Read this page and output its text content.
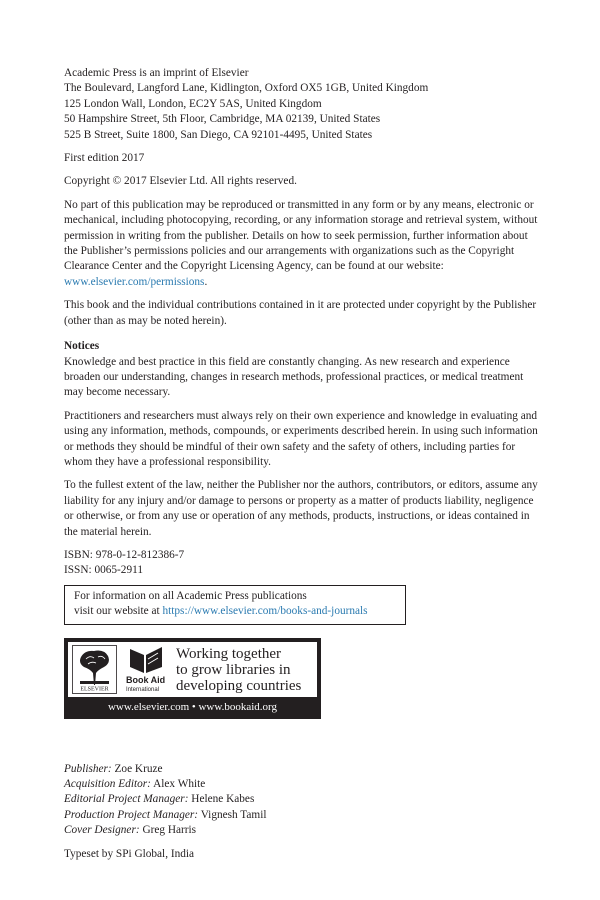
Academic Press is an imprint of Elsevier
The Boulevard, Langford Lane, Kidlington, Oxford OX5 1GB, United Kingdom
125 London Wall, London, EC2Y 5AS, United Kingdom
50 Hampshire Street, 5th Floor, Cambridge, MA 02139, United States
525 B Street, Suite 1800, San Diego, CA 92101-4495, United States

First edition 2017

Copyright © 2017 Elsevier Ltd. All rights reserved.

No part of this publication may be reproduced or transmitted in any form or by any means, electronic or mechanical, including photocopying, recording, or any information storage and retrieval system, without permission in writing from the publisher. Details on how to seek permission, further information about the Publisher’s permissions policies and our arrangements with organizations such as the Copyright Clearance Center and the Copyright Licensing Agency, can be found at our website: www.elsevier.com/permissions.

This book and the individual contributions contained in it are protected under copyright by the Publisher (other than as may be noted herein).

Notices

Knowledge and best practice in this field are constantly changing. As new research and experience broaden our understanding, changes in research methods, professional practices, or medical treatment may become necessary.

Practitioners and researchers must always rely on their own experience and knowledge in evaluating and using any information, methods, compounds, or experiments described herein. In using such information or methods they should be mindful of their own safety and the safety of others, including parties for whom they have a professional responsibility.

To the fullest extent of the law, neither the Publisher nor the authors, contributors, or editors, assume any liability for any injury and/or damage to persons or property as a matter of products liability, negligence or otherwise, or from any use or operation of any methods, products, instructions, or ideas contained in the material herein.

ISBN: 978-0-12-812386-7
ISSN: 0065-2911

For information on all Academic Press publications
visit our website at https://www.elsevier.com/books-and-journals
ELSEVIER
Book Aid
International
Working together
to grow libraries in
developing countries
www.elsevier.com • www.bookaid.org

Publisher: Zoe Kruze
Acquisition Editor: Alex White
Editorial Project Manager: Helene Kabes
Production Project Manager: Vignesh Tamil
Cover Designer: Greg Harris

Typeset by SPi Global, India
